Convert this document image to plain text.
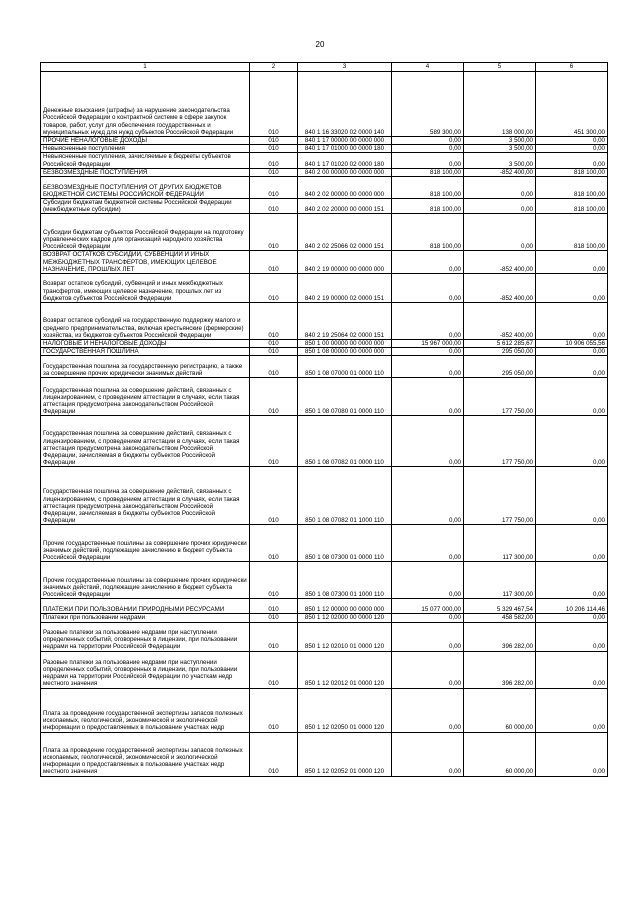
20
1	2	3	4	5	6
Денежные взыскания (штрафы) за нарушение законодательства Российской Федерации о контрактной системе в сфере закупок товаров, работ, услуг для обеспечения государственных и муниципальных нужд для нужд субъектов Российской Федерации	010	840 1 16 33020 02 0000 140	589 300,00	138 000,00	451 300,00
ПРОЧИЕ НЕНАЛОГОВЫЕ ДОХОДЫ	010	840 1 17 00000 00 0000 000	0,00	3 500,00	0,00
Невыясненные поступления	010	840 1 17 01000 00 0000 180	0,00	3 500,00	0,00
Невыясненные поступления, зачисляемые в бюджеты субъектов Российской Федерации	010	840 1 17 01020 02 0000 180	0,00	3 500,00	0,00
БЕЗВОЗМЕЗДНЫЕ ПОСТУПЛЕНИЯ	010	840 2 00 00000 00 0000 000	818 100,00	-852 400,00	818 100,00
БЕЗВОЗМЕЗДНЫЕ ПОСТУПЛЕНИЯ ОТ ДРУГИХ БЮДЖЕТОВ БЮДЖЕТНОЙ СИСТЕМЫ РОССИЙСКОЙ ФЕДЕРАЦИИ	010	840 2 02 00000 00 0000 000	818 100,00	0,00	818 100,00
Субсидии бюджетам бюджетной системы Российской Федерации (межбюджетные субсидии)	010	840 2 02 20000 00 0000 151	818 100,00	0,00	818 100,00
Субсидии бюджетам субъектов Российской Федерации на подготовку управленческих кадров для организаций народного хозяйства Российской Федерации	010	840 2 02 25066 02 0000 151	818 100,00	0,00	818 100,00
ВОЗВРАТ ОСТАТКОВ СУБСИДИЙ, СУБВЕНЦИЙ И ИНЫХ МЕЖБЮДЖЕТНЫХ ТРАНСФЕРТОВ, ИМЕЮЩИХ ЦЕЛЕВОЕ НАЗНАЧЕНИЕ, ПРОШЛЫХ ЛЕТ	010	840 2 19 00000 00 0000 000	0,00	-852 400,00	0,00
Возврат остатков субсидий, субвенций и иных межбюджетных трансфертов, имеющих целевое назначение, прошлых лет из бюджетов субъектов Российской Федерации	010	840 2 19 00000 02 0000 151	0,00	-852 400,00	0,00
Возврат остатков субсидий на государственную поддержку малого и среднего предпринимательства, включая крестьянские (фермерские) хозяйства, из бюджетов субъектов Российской Федерации	010	840 2 19 25064 02 0000 151	0,00	-852 400,00	0,00
НАЛОГОВЫЕ И НЕНАЛОГОВЫЕ ДОХОДЫ	010	850 1 00 00000 00 0000 000	15 967 000,00	5 612 285,67	10 906 055,56
ГОСУДАРСТВЕННАЯ ПОШЛИНА	010	850 1 08 00000 00 0000 000	0,00	295 050,00	0,00
Государственная пошлина за государственную регистрацию, а также за совершение прочих юридически значимых действий	010	850 1 08 07000 01 0000 110	0,00	295 050,00	0,00
Государственная пошлина за совершение действий, связанных с лицензированием, с проведением аттестации в случаях, если такая аттестация предусмотрена законодательством Российской Федерации	010	850 1 08 07080 01 0000 110	0,00	177 750,00	0,00
Государственная пошлина за совершение действий, связанных с лицензированием, с проведением аттестации в случаях, если такая аттестация предусмотрена законодательством Российской Федерации, зачисляемая в бюджеты субъектов Российской Федерации	010	850 1 08 07082 01 0000 110	0,00	177 750,00	0,00
Государственная пошлина за совершение действий, связанных с лицензированием, с проведением аттестации в случаях, если такая аттестация предусмотрена законодательством Российской Федерации, зачисляемая в бюджеты субъектов Российской Федерации	010	850 1 08 07082 01 1000 110	0,00	177 750,00	0,00
Прочие государственные пошлины за совершение прочих юридически значимых действий, подлежащие зачислению в бюджет субъекта Российской Федерации	010	850 1 08 07300 01 0000 110	0,00	117 300,00	0,00
Прочие государственные пошлины за совершение прочих юридически значимых действий, подлежащие зачислению в бюджет субъекта Российской Федерации	010	850 1 08 07300 01 1000 110	0,00	117 300,00	0,00
ПЛАТЕЖИ ПРИ ПОЛЬЗОВАНИИ ПРИРОДНЫМИ РЕСУРСАМИ	010	850 1 12 00000 00 0000 000	15 077 000,00	5 329 467,54	10 206 114,46
Платежи при пользовании недрами	010	850 1 12 02000 00 0000 120	0,00	458 582,00	0,00
Разовые платежи за пользование недрами при наступлении определенных событий, оговоренных в лицензии, при пользовании недрами на территории Российской Федерации	010	850 1 12 02010 01 0000 120	0,00	396 282,00	0,00
Разовые платежи за пользование недрами при наступлении определенных событий, оговоренных в лицензии, при пользовании недрами на территории Российской Федерации по участкам недр местного значения	010	850 1 12 02012 01 0000 120	0,00	396 282,00	0,00
Плата за проведение государственной экспертизы запасов полезных ископаемых, геологической, экономической и экологической информации о предоставляемых в пользование участках недр	010	850 1 12 02050 01 0000 120	0,00	60 000,00	0,00
Плата за проведение государственной экспертизы запасов полезных ископаемых, геологической, экономической и экологической информации о предоставляемых в пользование участках недр местного значения	010	850 1 12 02052 01 0000 120	0,00	60 000,00	0,00
